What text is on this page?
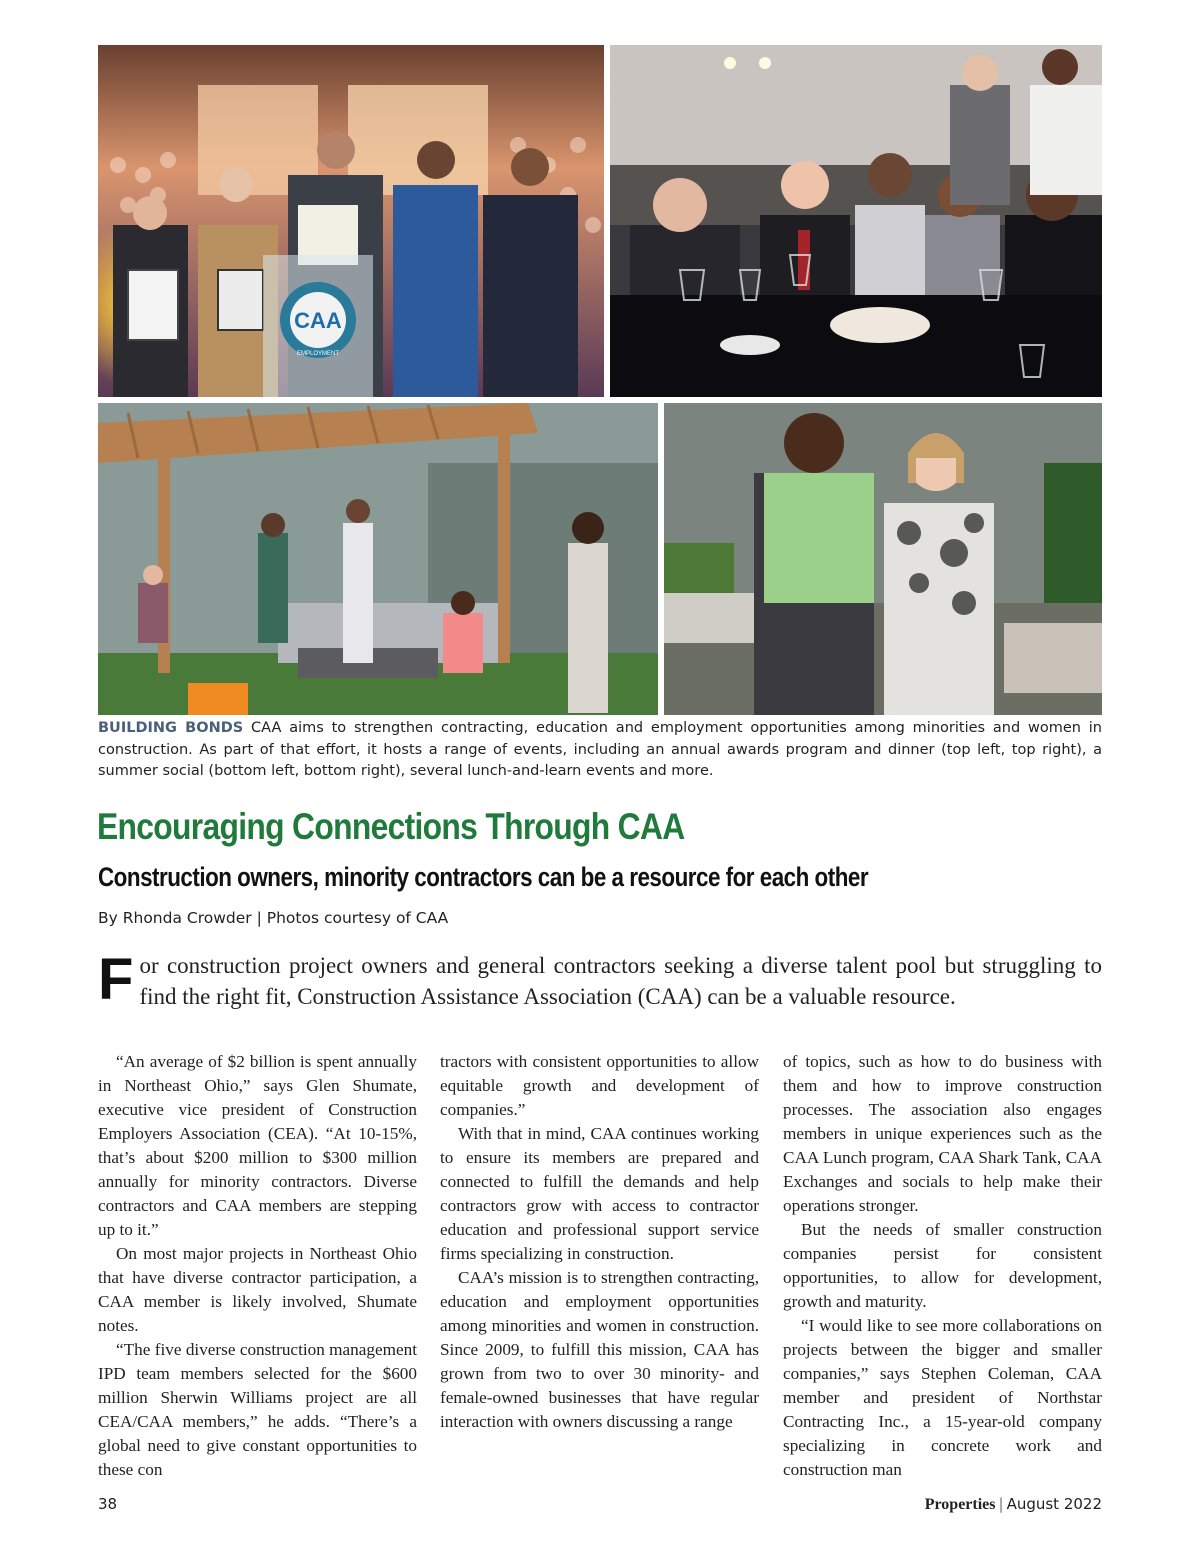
CAA
EMPLOYMENT
BUILDING BONDS CAA aims to strengthen contracting, education and employment opportunities among minorities and women in construction. As part of that effort, it hosts a range of events, including an annual awards program and dinner (top left, top right), a summer social (bottom left, bottom right), several lunch-and-learn events and more.
Encouraging Connections Through CAA
Construction owners, minority contractors can be a resource for each other
By Rhonda Crowder | Photos courtesy of CAA
For construction project owners and general contractors seeking a diverse talent pool but struggling to find the right fit, Construction Assistance Association (CAA) can be a valuable resource.

“An average of $2 billion is spent annually in Northeast Ohio,” says Glen Shumate, executive vice president of Construction Employers Association (CEA). “At 10-15%, that’s about $200 million to $300 million annually for minority contractors. Diverse contractors and CAA members are stepping up to it.”

On most major projects in Northeast Ohio that have diverse contractor participation, a CAA member is likely involved, Shumate notes.

“The five diverse construction management IPD team members selected for the $600 million Sherwin Williams project are all CEA/CAA members,” he adds. “There’s a global need to give constant opportunities to these con

tractors with consistent opportunities to allow equitable growth and development of companies.”

With that in mind, CAA continues working to ensure its members are prepared and connected to fulfill the demands and help contractors grow with access to contractor education and professional support service firms specializing in construction.

CAA’s mission is to strengthen contracting, education and employment opportunities among minorities and women in construction. Since 2009, to fulfill this mission, CAA has grown from two to over 30 minority- and female-owned businesses that have regular interaction with owners discussing a range

of topics, such as how to do business with them and how to improve construction processes. The association also engages members in unique experiences such as the CAA Lunch program, CAA Shark Tank, CAA Exchanges and socials to help make their operations stronger.

But the needs of smaller construction companies persist for consistent opportunities, to allow for development, growth and maturity.

“I would like to see more collaborations on projects between the bigger and smaller companies,” says Stephen Coleman, CAA member and president of Northstar Contracting Inc., a 15-year-old company specializing in concrete work and construction man

38	Properties | August 2022
